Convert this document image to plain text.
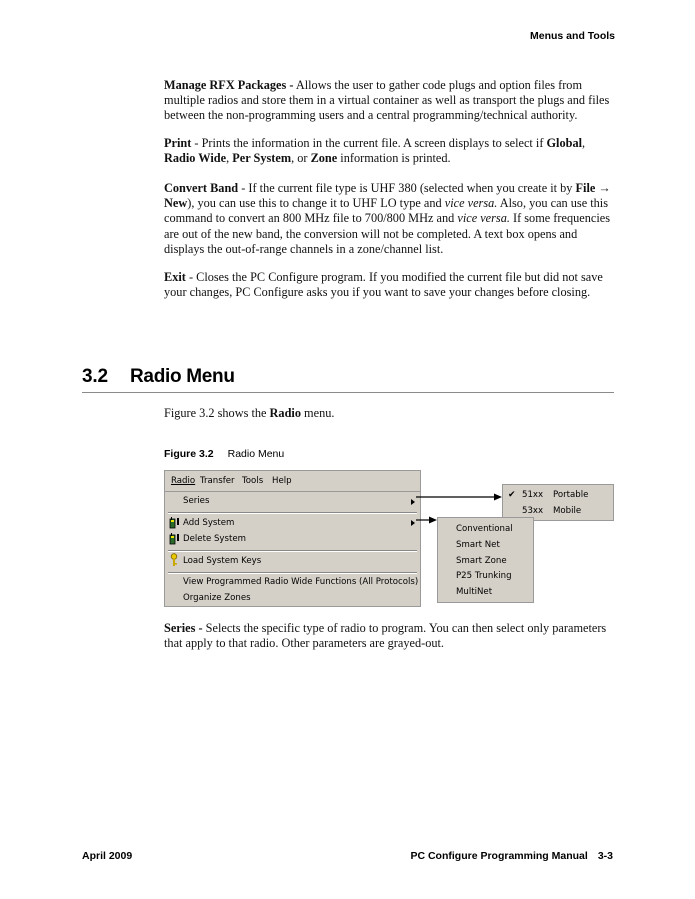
Menus and Tools

Manage RFX Packages - Allows the user to gather code plugs and option files from multiple radios and store them in a virtual container as well as transport the plugs and files between the non-programming users and a central programming/technical authority.

Print - Prints the information in the current file. A screen displays to select if Global, Radio Wide, Per System, or Zone information is printed.

Convert Band - If the current file type is UHF 380 (selected when you create it by File → New), you can use this to change it to UHF LO type and vice versa. Also, you can use this command to convert an 800 MHz file to 700/800 MHz and vice versa. If some frequencies are out of the new band, the conversion will not be completed. A text box opens and displays the out-of-range channels in a zone/channel list.

Exit - Closes the PC Configure program. If you modified the current file but did not save your changes, PC Configure asks you if you want to save your changes before closing.

3.2 Radio Menu

Figure 3.2 shows the Radio menu.

Figure 3.2 Radio Menu
Radio Transfer Tools Help
Series
Add System
Delete System
Load System Keys
View Programmed Radio Wide Functions (All Protocols)
Organize Zones
✔ 51xx Portable
53xx Mobile
Conventional
Smart Net
Smart Zone
P25 Trunking
MultiNet

Series - Selects the specific type of radio to program. You can then select only parameters that apply to that radio. Other parameters are grayed-out.

April 2009	PC Configure Programming Manual 3-3
